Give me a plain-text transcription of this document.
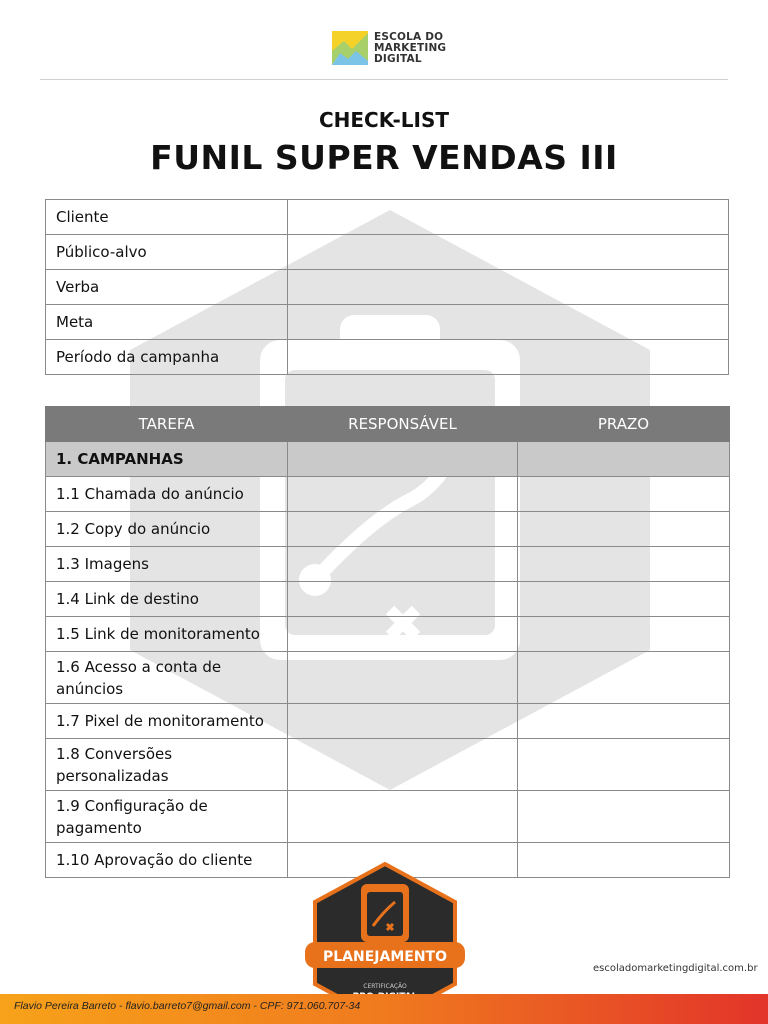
ESCOLA DO
MARKETING
DIGITAL
CHECK-LIST
FUNIL SUPER VENDAS III
Cliente	
Público-alvo	
Verba	
Meta	
Período da campanha	
TAREFA	RESPONSÁVEL	PRAZO
1. CAMPANHAS		
1.1 Chamada do anúncio		
1.2 Copy do anúncio		
1.3 Imagens		
1.4 Link de destino		
1.5 Link de monitoramento		
1.6 Acesso a conta de anúncios		
1.7 Pixel de monitoramento		
1.8 Conversões personalizadas		
1.9 Configuração de pagamento		
1.10 Aprovação do cliente		
PLANEJAMENTO
CERTIFICAÇÃO
escoladomarketingdigital.com.br
Flavio Pereira Barreto - flavio.barreto7@gmail.com - CPF: 971.060.707-34
